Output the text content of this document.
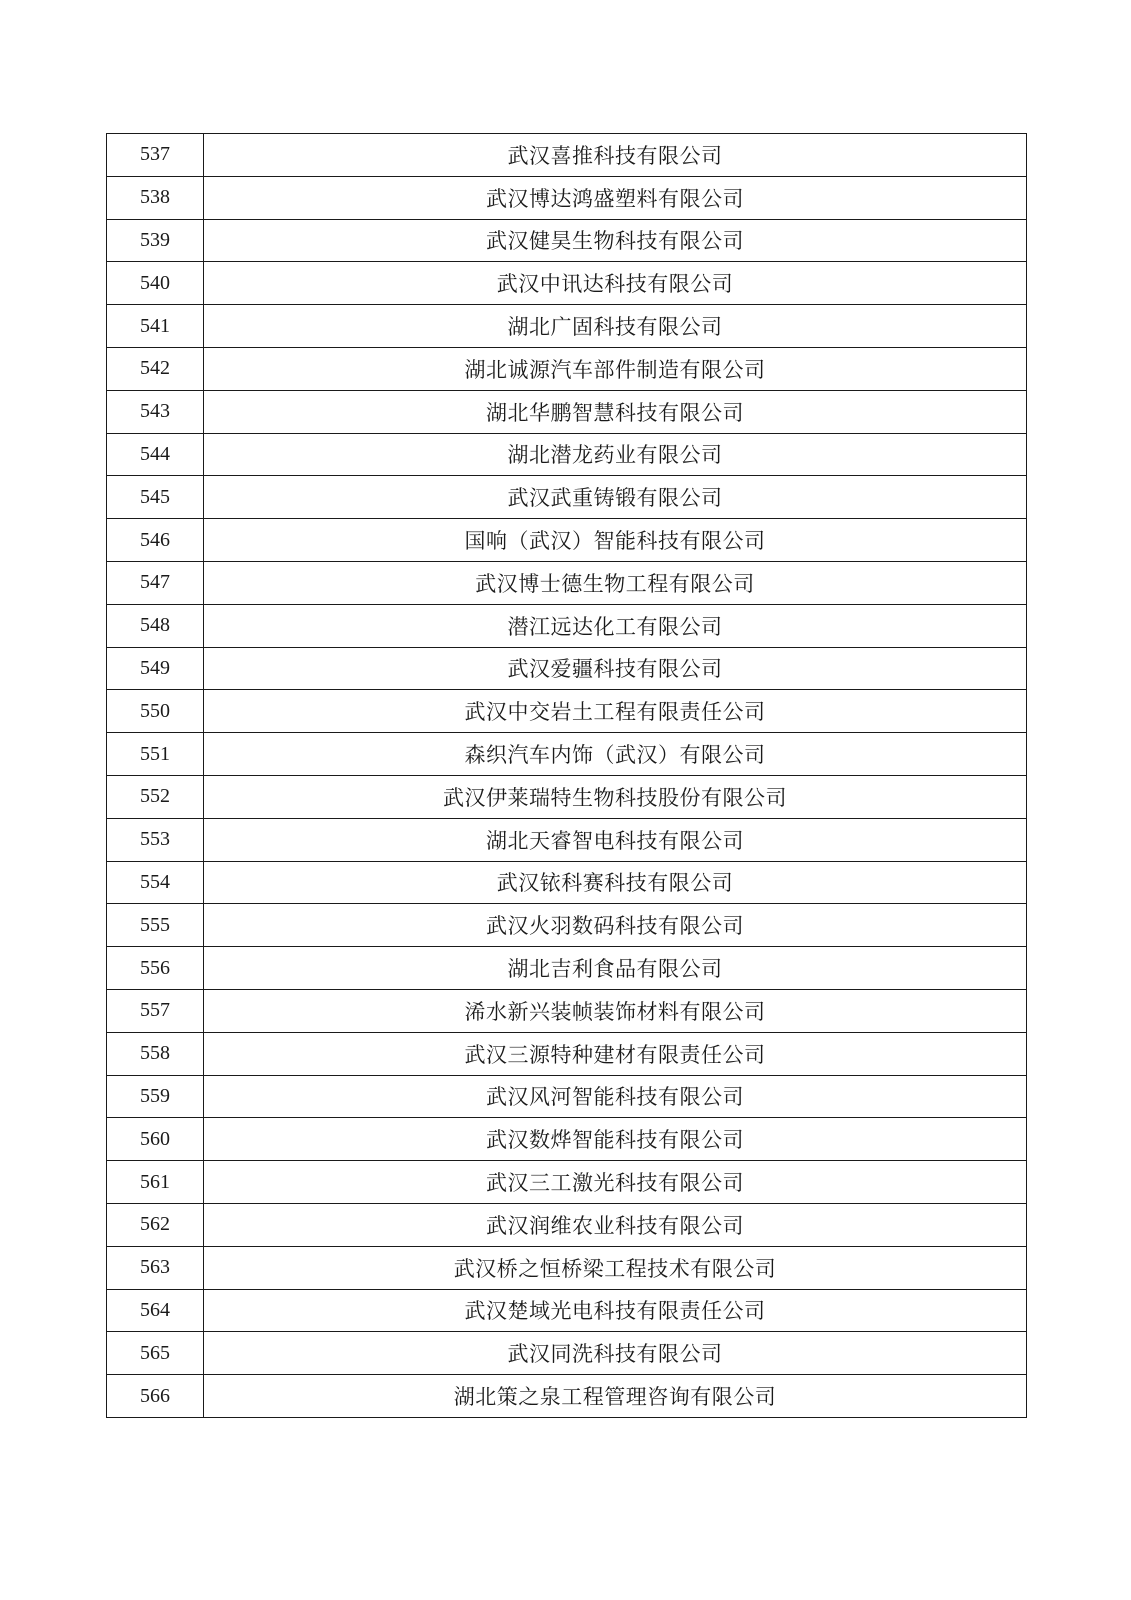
537	武汉喜推科技有限公司
538	武汉博达鸿盛塑料有限公司
539	武汉健昊生物科技有限公司
540	武汉中讯达科技有限公司
541	湖北广固科技有限公司
542	湖北诚源汽车部件制造有限公司
543	湖北华鹏智慧科技有限公司
544	湖北潜龙药业有限公司
545	武汉武重铸锻有限公司
546	国响（武汉）智能科技有限公司
547	武汉博士德生物工程有限公司
548	潜江远达化工有限公司
549	武汉爱疆科技有限公司
550	武汉中交岩土工程有限责任公司
551	森织汽车内饰（武汉）有限公司
552	武汉伊莱瑞特生物科技股份有限公司
553	湖北天睿智电科技有限公司
554	武汉铱科赛科技有限公司
555	武汉火羽数码科技有限公司
556	湖北吉利食品有限公司
557	浠水新兴装帧装饰材料有限公司
558	武汉三源特种建材有限责任公司
559	武汉风河智能科技有限公司
560	武汉数烨智能科技有限公司
561	武汉三工激光科技有限公司
562	武汉润维农业科技有限公司
563	武汉桥之恒桥梁工程技术有限公司
564	武汉楚域光电科技有限责任公司
565	武汉同洗科技有限公司
566	湖北策之泉工程管理咨询有限公司
